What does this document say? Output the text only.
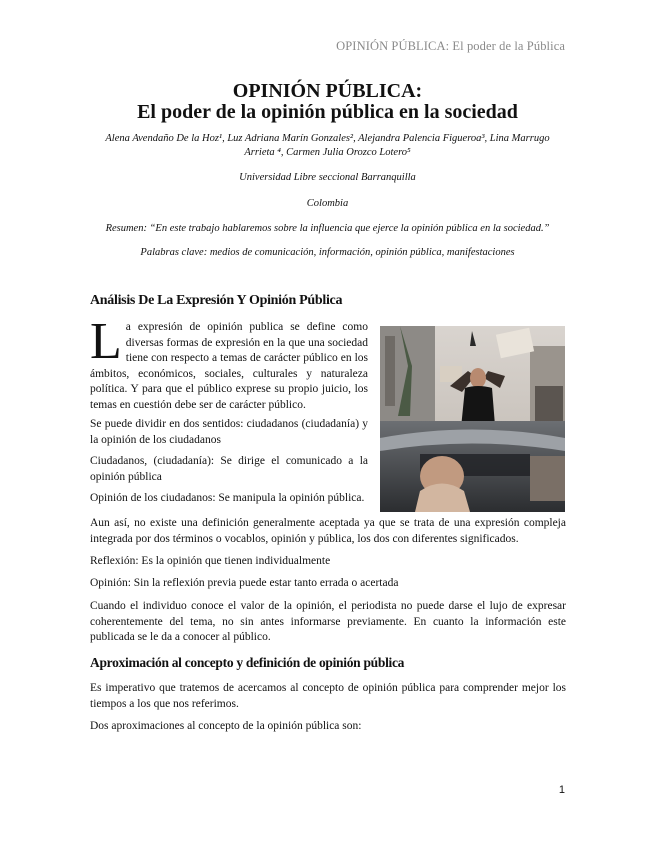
OPINIÓN PÚBLICA: El poder de la Pública
OPINIÓN PÚBLICA:
El poder de la opinión pública en la sociedad
Alena Avendaño De la Hoz¹, Luz Adriana Marín Gonzales², Alejandra Palencia Figueroa³, Lina Marrugo Arrieta ⁴, Carmen Julia Orozco Lotero⁵
Universidad Libre seccional Barranquilla
Colombia
Resumen: “En este trabajo hablaremos sobre la influencia que ejerce la opinión pública en la sociedad.”
Palabras clave: medios de comunicación, información, opinión pública, manifestaciones
Análisis De La Expresión Y Opinión Pública
La expresión de opinión publica se define como diversas formas de expresión en la que una sociedad tiene con respecto a temas de carácter público en los ámbitos, económicos, sociales, culturales y naturaleza política. Y para que el público exprese su propio juicio, los temas en cuestión debe ser de carácter público.

Se puede dividir en dos sentidos: ciudadanos (ciudadanía) y la opinión de los ciudadanos

Ciudadanos, (ciudadanía): Se dirige el comunicado a la opinión pública

Opinión de los ciudadanos: Se manipula la opinión pública.

Aun así, no existe una definición generalmente aceptada ya que se trata de una expresión compleja integrada por dos términos o vocablos, opinión y pública, los dos con diferentes significados.

Reflexión: Es la opinión que tienen individualmente

Opinión: Sin la reflexión previa puede estar tanto errada o acertada

Cuando el individuo conoce el valor de la opinión, el periodista no puede darse el lujo de expresar coherentemente del tema, no sin antes informarse previamente. En cuanto la información este publicada se le da a conocer al público.

Aproximación al concepto y definición de opinión pública

Es imperativo que tratemos de acercamos al concepto de opinión pública para comprender mejor los tiempos a los que nos referimos.

Dos aproximaciones al concepto de la opinión pública son:

1
